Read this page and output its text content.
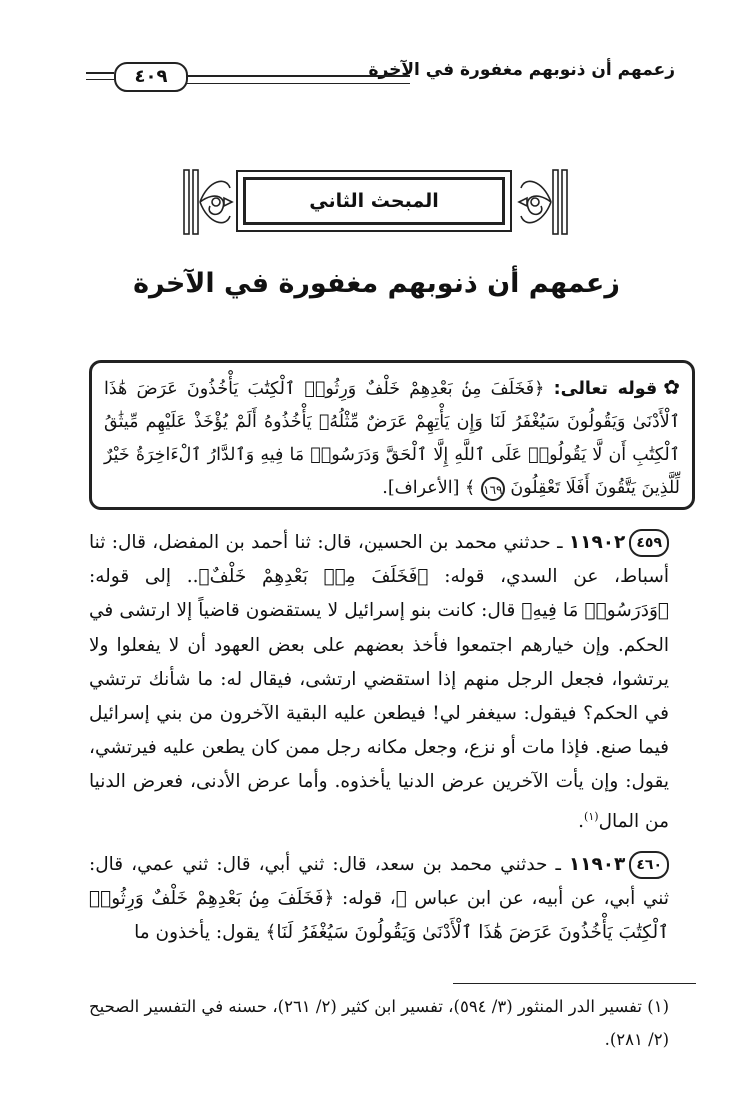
زعمهم أن ذنوبهم مغفورة في الآخرة
٤٠٩
المبحث الثاني
زعمهم أن ذنوبهم مغفورة في الآخرة
✿قوله تعالى: ﴿فَخَلَفَ مِنۢ بَعْدِهِمْ خَلْفٌ وَرِثُوا۟ ٱلْكِتَٰبَ يَأْخُذُونَ عَرَضَ هَٰذَا ٱلْأَدْنَىٰ وَيَقُولُونَ سَيُغْفَرُ لَنَا وَإِن يَأْتِهِمْ عَرَضٌ مِّثْلُهُۥ يَأْخُذُوهُ أَلَمْ يُؤْخَذْ عَلَيْهِم مِّيثَٰقُ ٱلْكِتَٰبِ أَن لَّا يَقُولُوا۟ عَلَى ٱللَّهِ إِلَّا ٱلْحَقَّ وَدَرَسُوا۟ مَا فِيهِ وَٱلدَّارُ ٱلْءَاخِرَةُ خَيْرٌ لِّلَّذِينَ يَتَّقُونَ أَفَلَا تَعْقِلُونَ ١٦٩ ﴾ [الأعراف].
٤٥٩١١٩٠٢ ـ حدثني محمد بن الحسين، قال: ثنا أحمد بن المفضل، قال: ثنا أسباط، عن السدي، قوله: ﴿فَخَلَفَ مِنۢ بَعْدِهِمْ خَلْفٌ﴾.. إلى قوله: ﴿وَدَرَسُوا۟ مَا فِيهِ﴾ قال: كانت بنو إسرائيل لا يستقضون قاضياً إلا ارتشى في الحكم. وإن خيارهم اجتمعوا فأخذ بعضهم على بعض العهود أن لا يفعلوا ولا يرتشوا، فجعل الرجل منهم إذا استقضي ارتشى، فيقال له: ما شأنك ترتشي في الحكم؟ فيقول: سيغفر لي! فيطعن عليه البقية الآخرون من بني إسرائيل فيما صنع. فإذا مات أو نزع، وجعل مكانه رجل ممن كان يطعن عليه فيرتشي، يقول: وإن يأت الآخرين عرض الدنيا يأخذوه. وأما عرض الأدنى، فعرض الدنيا من المال$^{(١)}$.
٤٦٠١١٩٠٣ ـ حدثني محمد بن سعد، قال: ثني أبي، قال: ثني عمي، قال: ثني أبي، عن أبيه، عن ابن عباس ﷺ، قوله: ﴿فَخَلَفَ مِنۢ بَعْدِهِمْ خَلْفٌ وَرِثُوا۟ ٱلْكِتَٰبَ يَأْخُذُونَ عَرَضَ هَٰذَا ٱلْأَدْنَىٰ وَيَقُولُونَ سَيُغْفَرُ لَنَا﴾ يقول: يأخذون ما
(١) تفسير الدر المنثور (٣/ ٥٩٤)، تفسير ابن كثير (٢/ ٢٦١)، حسنه في التفسير الصحيح (٢/ ٢٨١).
